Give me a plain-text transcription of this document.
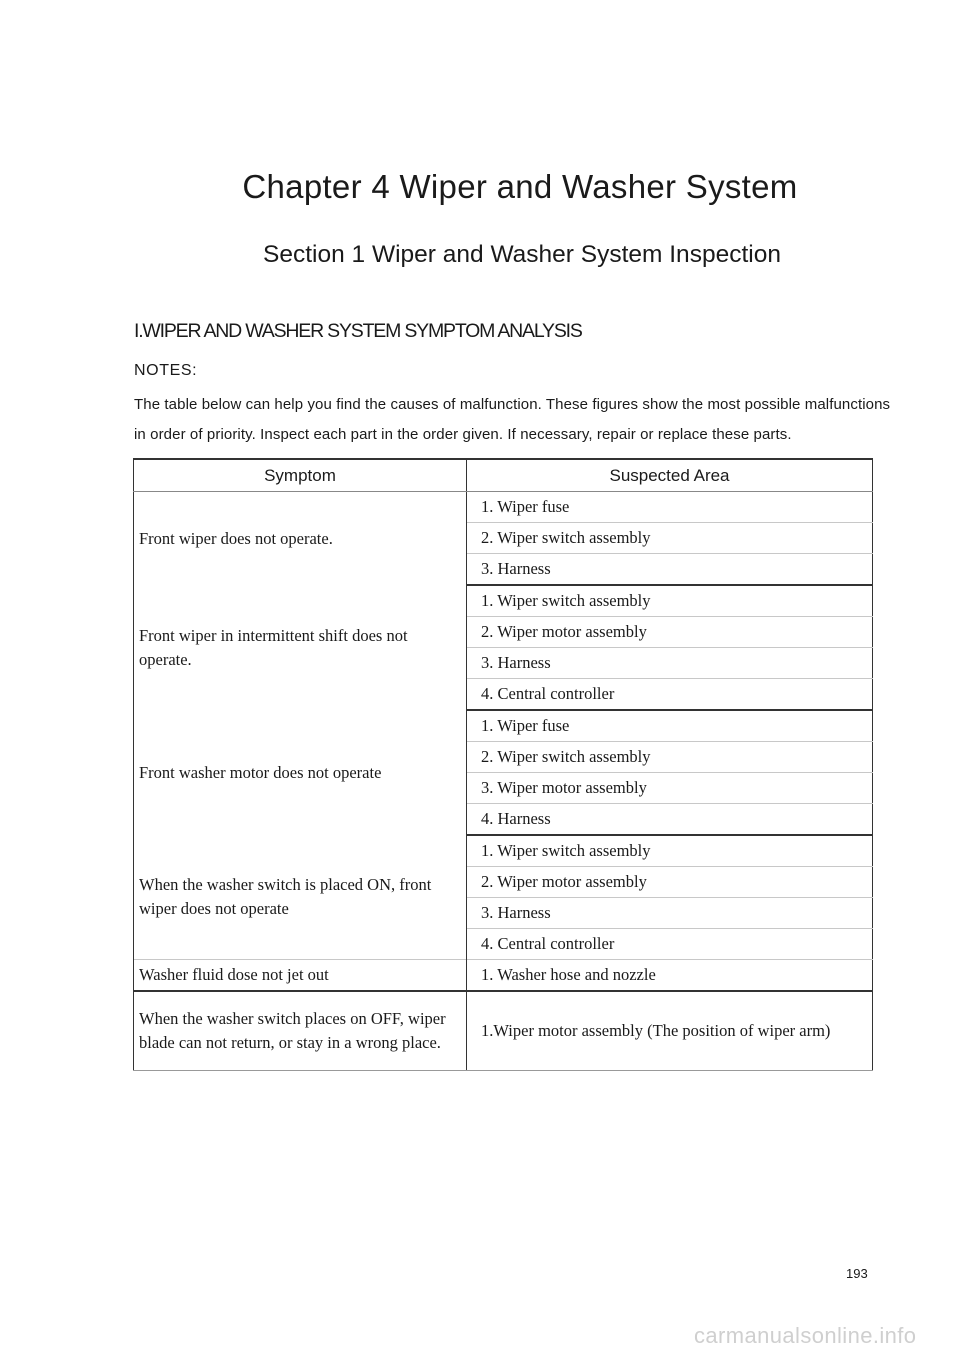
Chapter 4 Wiper and Washer System
Section 1 Wiper and Washer System Inspection
I.WIPER AND WASHER SYSTEM SYMPTOM ANALYSIS
NOTES:
The table below can help you find the causes of malfunction. These figures show the most possible malfunctions in order of priority. Inspect each part in the order given. If necessary, repair or replace these parts.
Symptom	Suspected Area
Front wiper does not operate.	1. Wiper fuse
	2. Wiper switch assembly
	3. Harness
Front wiper in intermittent shift does not operate.	1. Wiper switch assembly
	2. Wiper motor assembly
	3. Harness
	4. Central controller
Front washer motor does not operate	1. Wiper fuse
	2. Wiper switch assembly
	3. Wiper motor assembly
	4. Harness
When the washer switch is placed ON, front wiper does not operate	1. Wiper switch assembly
	2. Wiper motor assembly
	3. Harness
	4. Central controller
Washer fluid dose not jet out	1. Washer hose and nozzle
When the washer switch places on OFF, wiper blade can not return, or stay in a wrong place.	1.Wiper motor assembly (The position of wiper arm)
193
carmanualsonline.info
